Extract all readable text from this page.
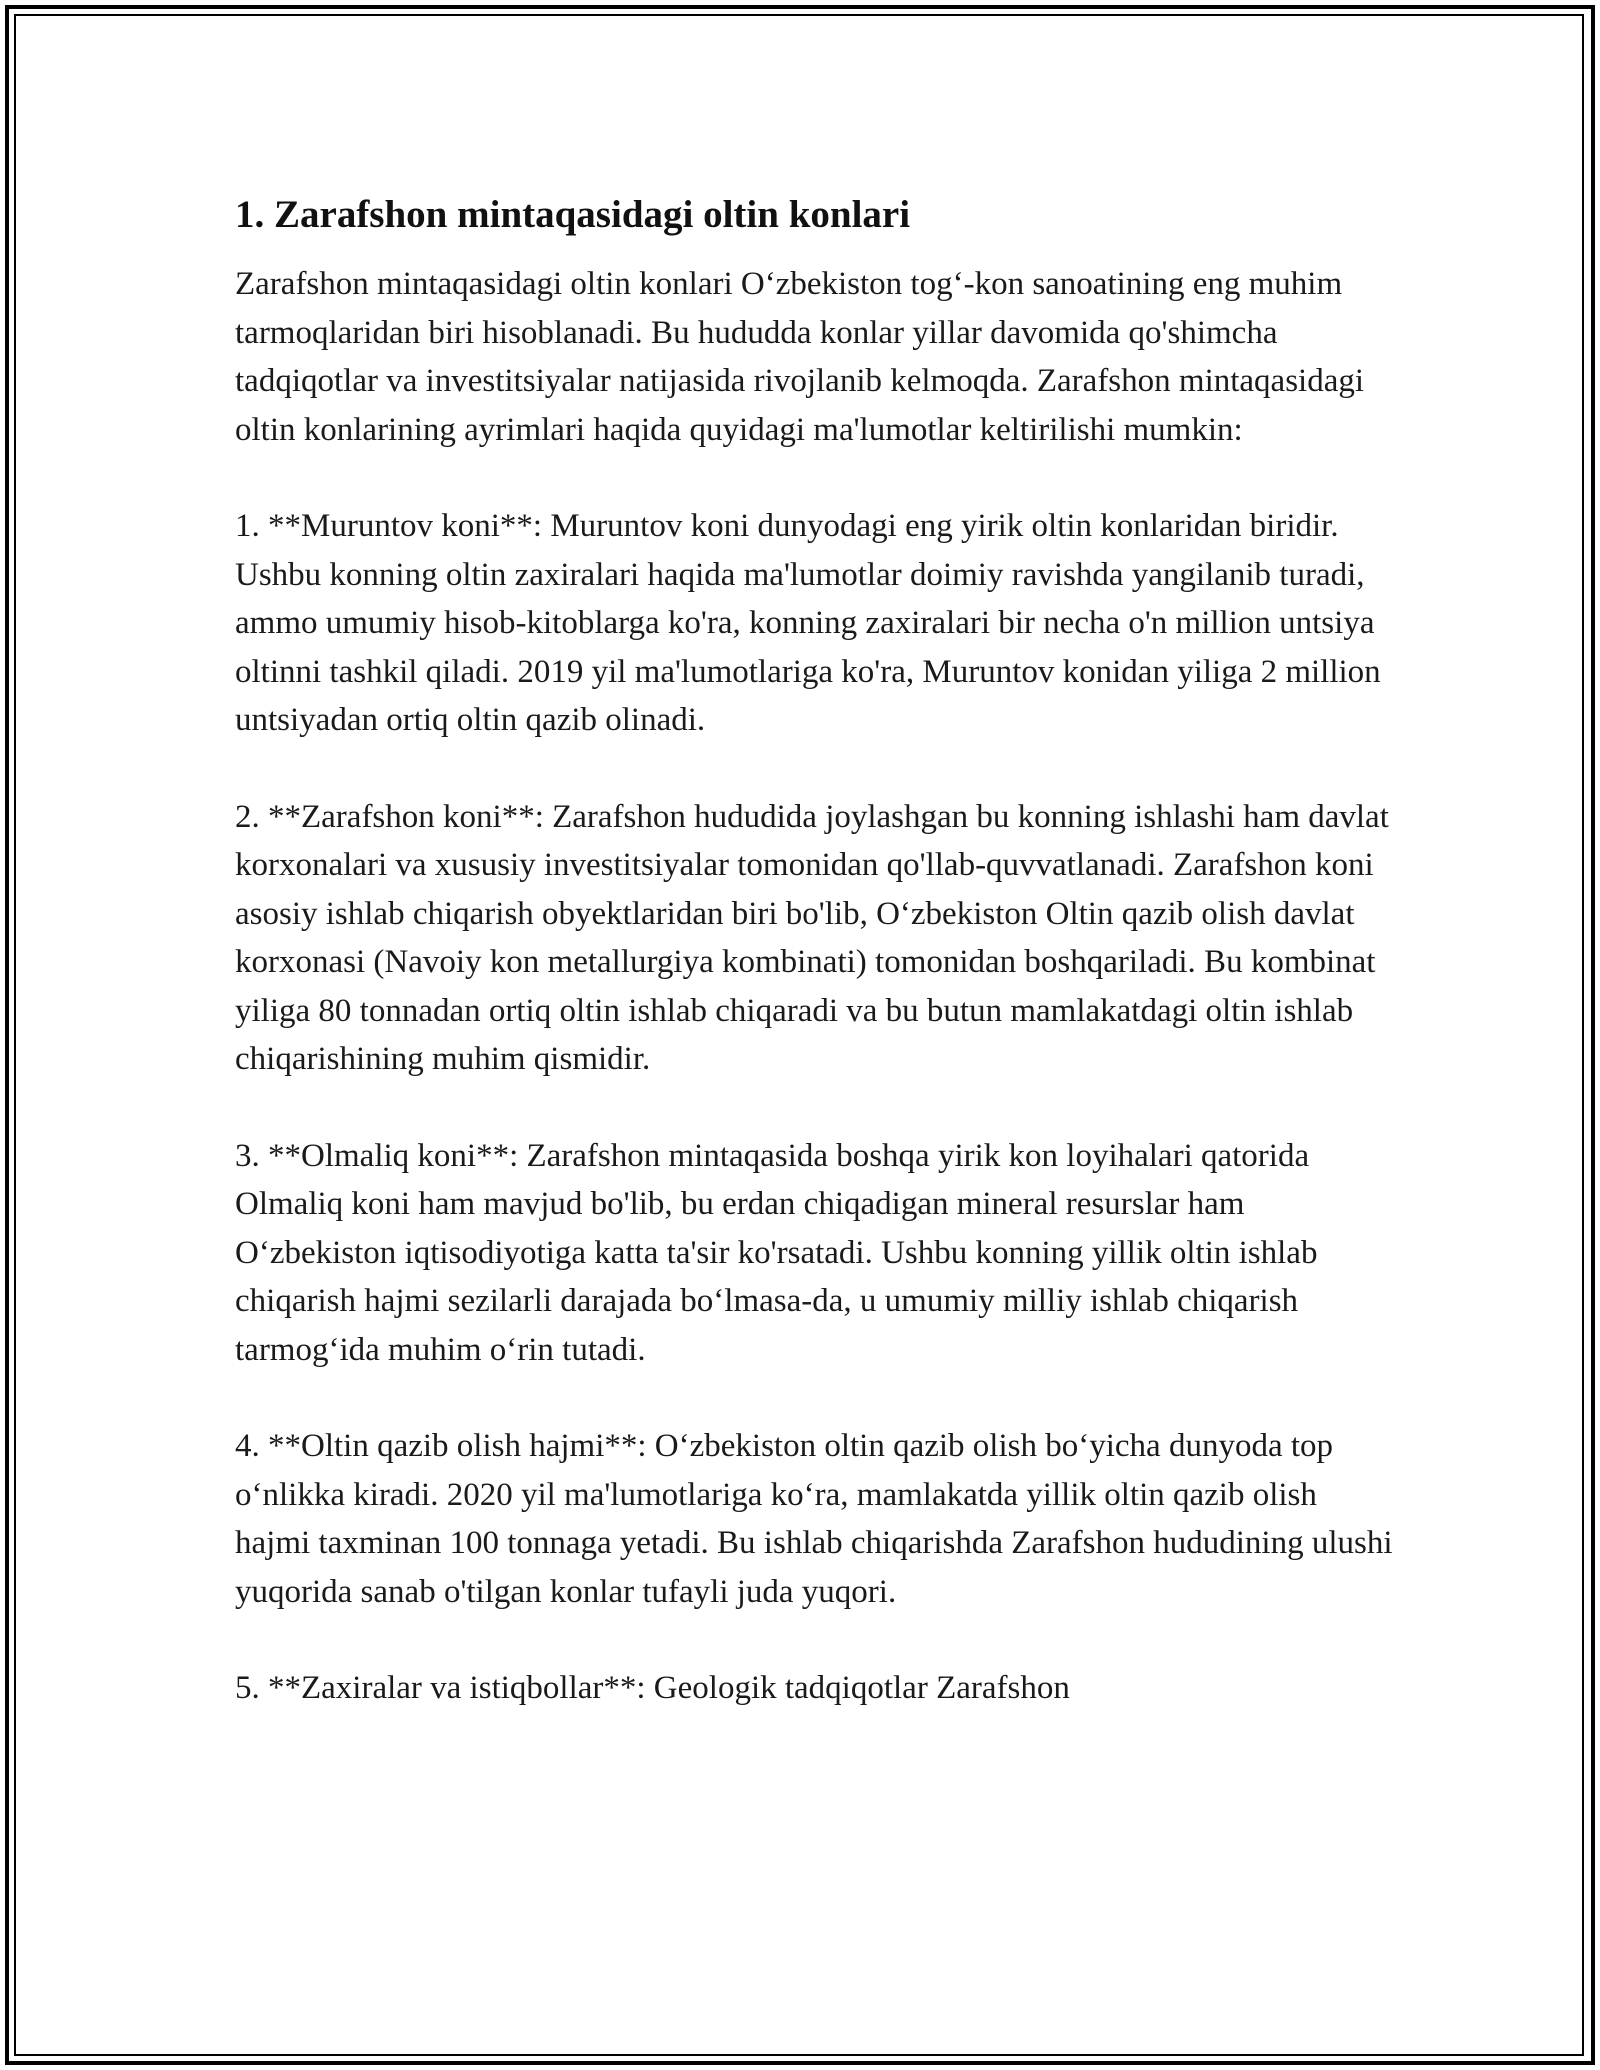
1. Zarafshon mintaqasidagi oltin konlari

Zarafshon mintaqasidagi oltin konlari O‘zbekiston tog‘-kon sanoatining eng muhim tarmoqlaridan biri hisoblanadi. Bu hududda konlar yillar davomida qo'shimcha tadqiqotlar va investitsiyalar natijasida rivojlanib kelmoqda. Zarafshon mintaqasidagi oltin konlarining ayrimlari haqida quyidagi ma'lumotlar keltirilishi mumkin:

1. **Muruntov koni**: Muruntov koni dunyodagi eng yirik oltin konlaridan biridir. Ushbu konning oltin zaxiralari haqida ma'lumotlar doimiy ravishda yangilanib turadi, ammo umumiy hisob-kitoblarga ko'ra, konning zaxiralari bir necha o'n million untsiya oltinni tashkil qiladi. 2019 yil ma'lumotlariga ko'ra, Muruntov konidan yiliga 2 million untsiyadan ortiq oltin qazib olinadi.

2. **Zarafshon koni**: Zarafshon hududida joylashgan bu konning ishlashi ham davlat korxonalari va xususiy investitsiyalar tomonidan qo'llab-quvvatlanadi. Zarafshon koni asosiy ishlab chiqarish obyektlaridan biri bo'lib, O‘zbekiston Oltin qazib olish davlat korxonasi (Navoiy kon metallurgiya kombinati) tomonidan boshqariladi. Bu kombinat yiliga 80 tonnadan ortiq oltin ishlab chiqaradi va bu butun mamlakatdagi oltin ishlab chiqarishining muhim qismidir.

3. **Olmaliq koni**: Zarafshon mintaqasida boshqa yirik kon loyihalari qatorida Olmaliq koni ham mavjud bo'lib, bu erdan chiqadigan mineral resurslar ham O‘zbekiston iqtisodiyotiga katta ta'sir ko'rsatadi. Ushbu konning yillik oltin ishlab chiqarish hajmi sezilarli darajada bo‘lmasa-da, u umumiy milliy ishlab chiqarish tarmog‘ida muhim o‘rin tutadi.

4. **Oltin qazib olish hajmi**: O‘zbekiston oltin qazib olish bo‘yicha dunyoda top o‘nlikka kiradi. 2020 yil ma'lumotlariga ko‘ra, mamlakatda yillik oltin qazib olish hajmi taxminan 100 tonnaga yetadi. Bu ishlab chiqarishda Zarafshon hududining ulushi yuqorida sanab o'tilgan konlar tufayli juda yuqori.

5. **Zaxiralar va istiqbollar**: Geologik tadqiqotlar Zarafshon
